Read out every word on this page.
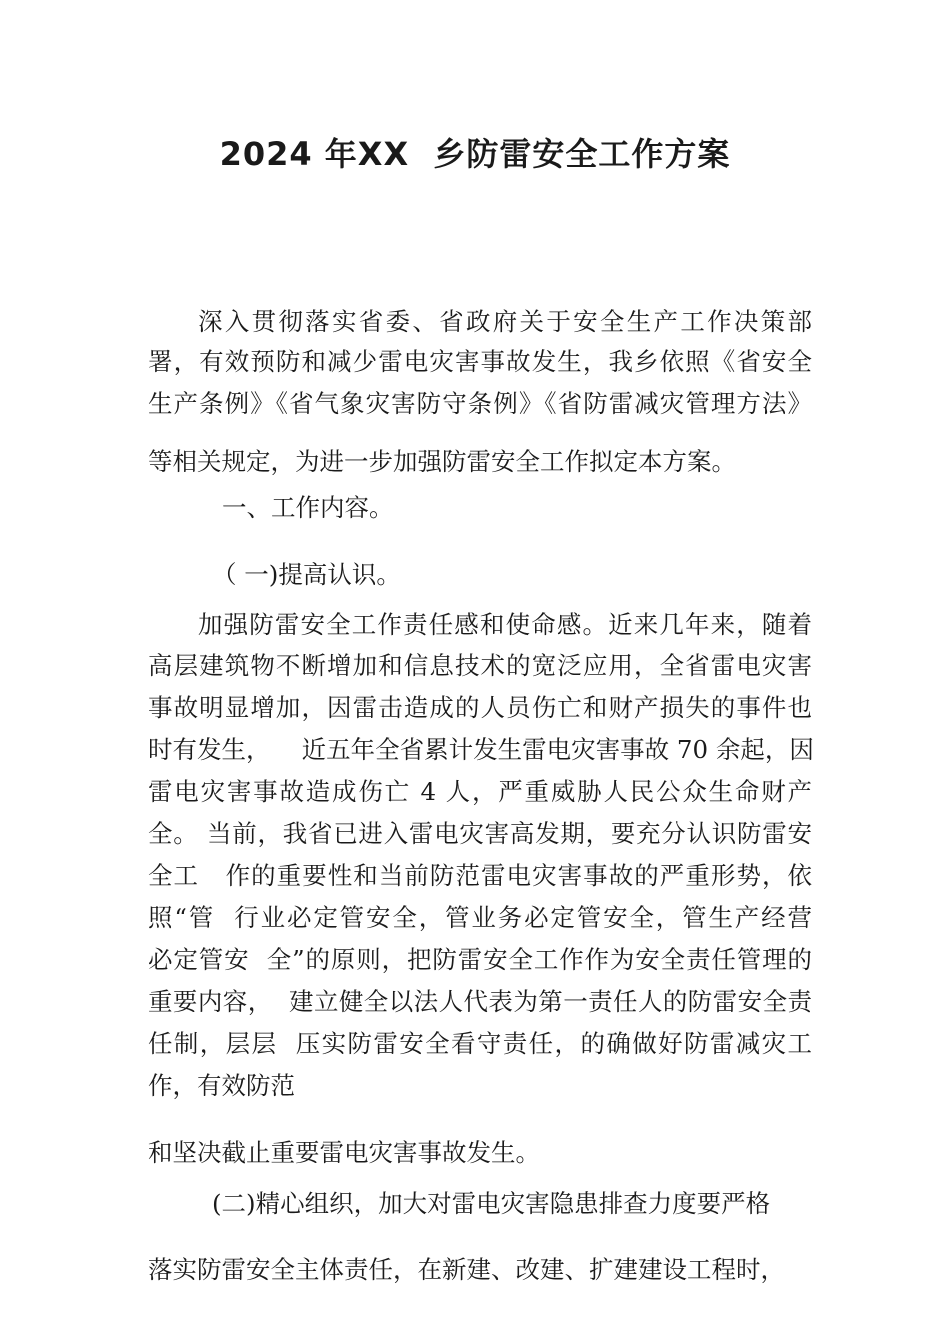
2024 年XX  乡防雷安全工作方案
深入贯彻落实省委、省政府关于安全生产工作决策部
署，有效预防和减少雷电灾害事故发生，我乡依照《省安全
生产条例》《省气象灾害防守条例》《省防雷减灾管理方法》
等相关规定，为进一步加强防雷安全工作拟定本方案。
一、工作内容。
（ 一)提高认识。
加强防雷安全工作责任感和使命感。近来几年来，随着
高层建筑物不断增加和信息技术的宽泛应用，全省雷电灾害
事故明显增加，因雷击造成的人员伤亡和财产损失的事件也
时有发生，    近五年全省累计发生雷电灾害事故 70 余起，因
雷电灾害事故造成伤亡 4 人，严重威胁人民公众生命财产
全。 当前，我省已进入雷电灾害高发期，要充分认识防雷安
全工   作的重要性和当前防范雷电灾害事故的严重形势，依
照“管  行业必定管安全，管业务必定管安全，管生产经营
必定管安  全”的原则，把防雷安全工作作为安全责任管理的
重要内容，  建立健全以法人代表为第一责任人的防雷安全责
任制，层层  压实防雷安全看守责任，的确做好防雷减灾工
作，有效防范
和坚决截止重要雷电灾害事故发生。
(二)精心组织，加大对雷电灾害隐患排查力度要严格
落实防雷安全主体责任，在新建、改建、扩建建设工程时，
